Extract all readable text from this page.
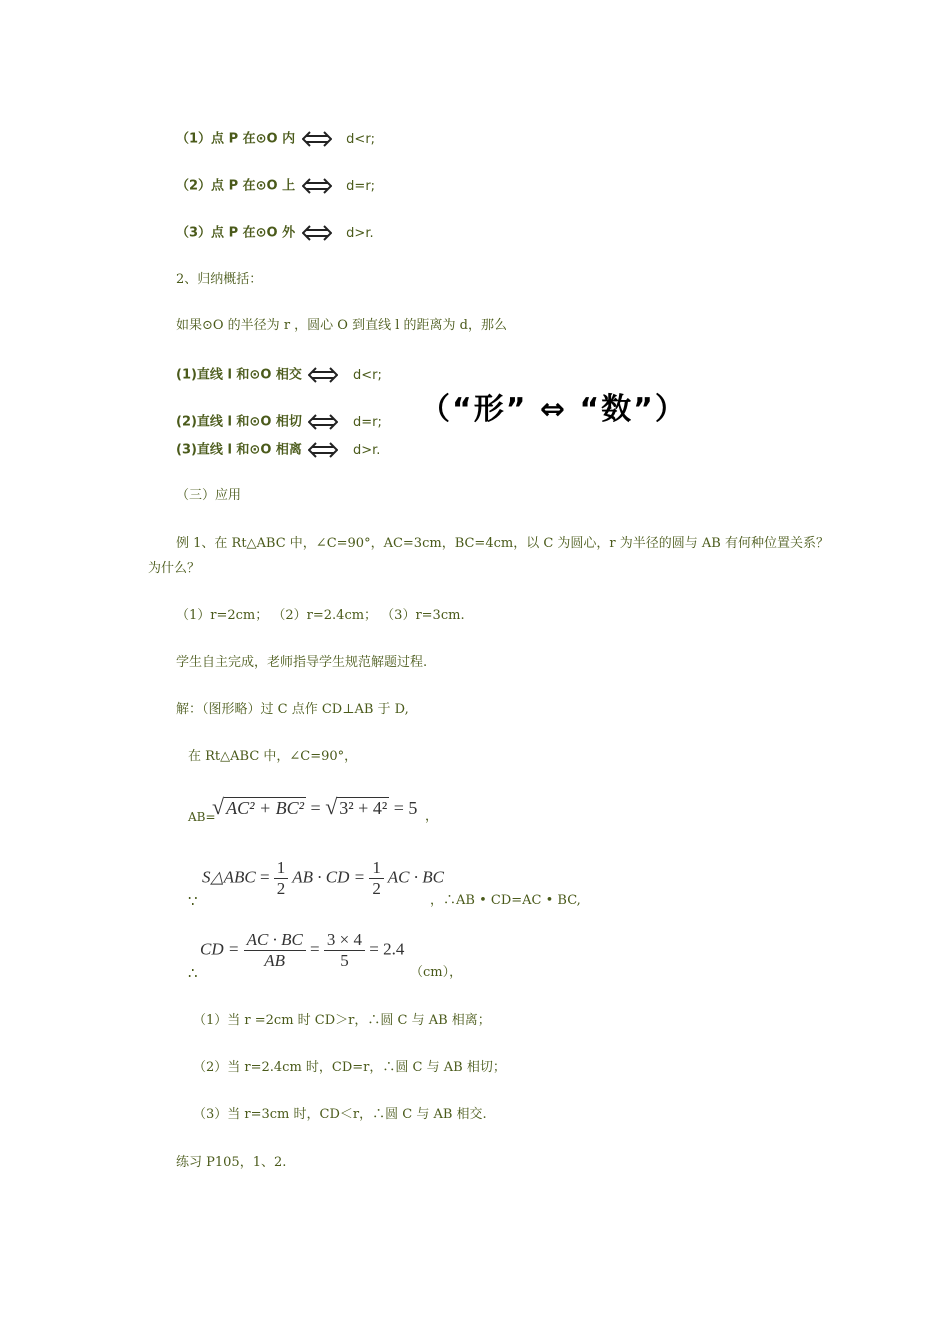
（1）点 P 在⊙O 内	d<r;
（2）点 P 在⊙O 上	d=r;
（3）点 P 在⊙O 外	d>r.
2、归纳概括：
如果⊙O 的半径为 r ，圆心 O 到直线 l 的距离为 d，那么
(1)直线 l 和⊙O 相交	d<r;
(2)直线 l 和⊙O 相切	d=r;
(3)直线 l 和⊙O 相离	d>r.
（“形” ⇔ “数”）
（三）应用
例 1、在 Rt△ABC 中，∠C=90°，AC=3cm，BC=4cm，以 C 为圆心，r 为半径的圆与 AB 有何种位置关系？
为什么？
（1）r=2cm； （2）r=2.4cm； （3）r=3cm.
学生自主完成，老师指导学生规范解题过程.
解：（图形略）过 C 点作 CD⊥AB 于 D,
在 Rt△ABC 中，∠C=90°，
AB=
√ AC² + BC² = √ 3² + 4² = 5 ，
∵
S△ABC = $\frac{1}{2}$ AB · CD = $\frac{1}{2}$ AC · BC
，∴AB • CD=AC • BC,
∴
CD = $\frac{AC \cdot BC}{AB} = \frac{3 \times 4}{5} = 2.4$
（cm），
（1）当 r =2cm 时 CD＞r，∴圆 C 与 AB 相离；
（2）当 r=2.4cm 时，CD=r，∴圆 C 与 AB 相切；
（3）当 r=3cm 时，CD＜r，∴圆 C 与 AB 相交.
练习 P105，1、2.
